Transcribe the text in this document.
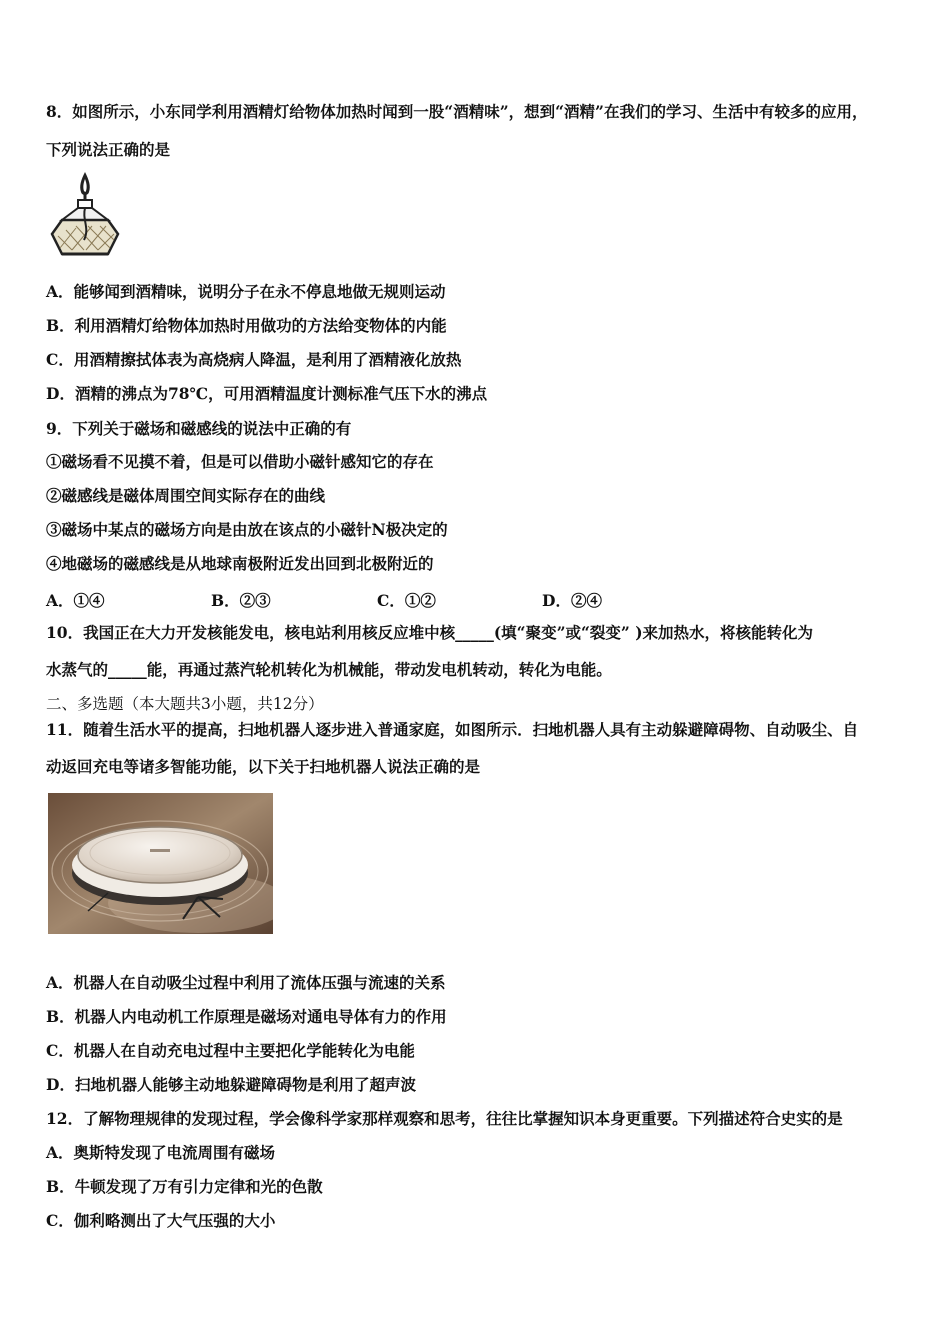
8．如图所示，小东同学利用酒精灯给物体加热时闻到一股“酒精味”，想到“酒精”在我们的学习、生活中有较多的应用，
下列说法正确的是
A．能够闻到酒精味，说明分子在永不停息地做无规则运动
B．利用酒精灯给物体加热时用做功的方法给变物体的内能
C．用酒精擦拭体表为高烧病人降温，是利用了酒精液化放热
D．酒精的沸点为78℃，可用酒精温度计测标准气压下水的沸点
9．下列关于磁场和磁感线的说法中正确的有
①磁场看不见摸不着，但是可以借助小磁针感知它的存在
②磁感线是磁体周围空间实际存在的曲线
③磁场中某点的磁场方向是由放在该点的小磁针N极决定的
④地磁场的磁感线是从地球南极附近发出回到北极附近的
A．①④	B．②③	C．①②	D．②④
10．我国正在大力开发核能发电，核电站利用核反应堆中核_____(填“聚变”或“裂变” )来加热水，将核能转化为
水蒸气的_____能，再通过蒸汽轮机转化为机械能，带动发电机转动，转化为电能。
二、多选题（本大题共3小题，共12分）
11．随着生活水平的提高，扫地机器人逐步进入普通家庭，如图所示．扫地机器人具有主动躲避障碍物、自动吸尘、自
动返回充电等诸多智能功能，以下关于扫地机器人说法正确的是
A．机器人在自动吸尘过程中利用了流体压强与流速的关系
B．机器人内电动机工作原理是磁场对通电导体有力的作用
C．机器人在自动充电过程中主要把化学能转化为电能
D．扫地机器人能够主动地躲避障碍物是利用了超声波
12．了解物理规律的发现过程，学会像科学家那样观察和思考，往往比掌握知识本身更重要。下列描述符合史实的是
A．奥斯特发现了电流周围有磁场
B．牛顿发现了万有引力定律和光的色散
C．伽利略测出了大气压强的大小
